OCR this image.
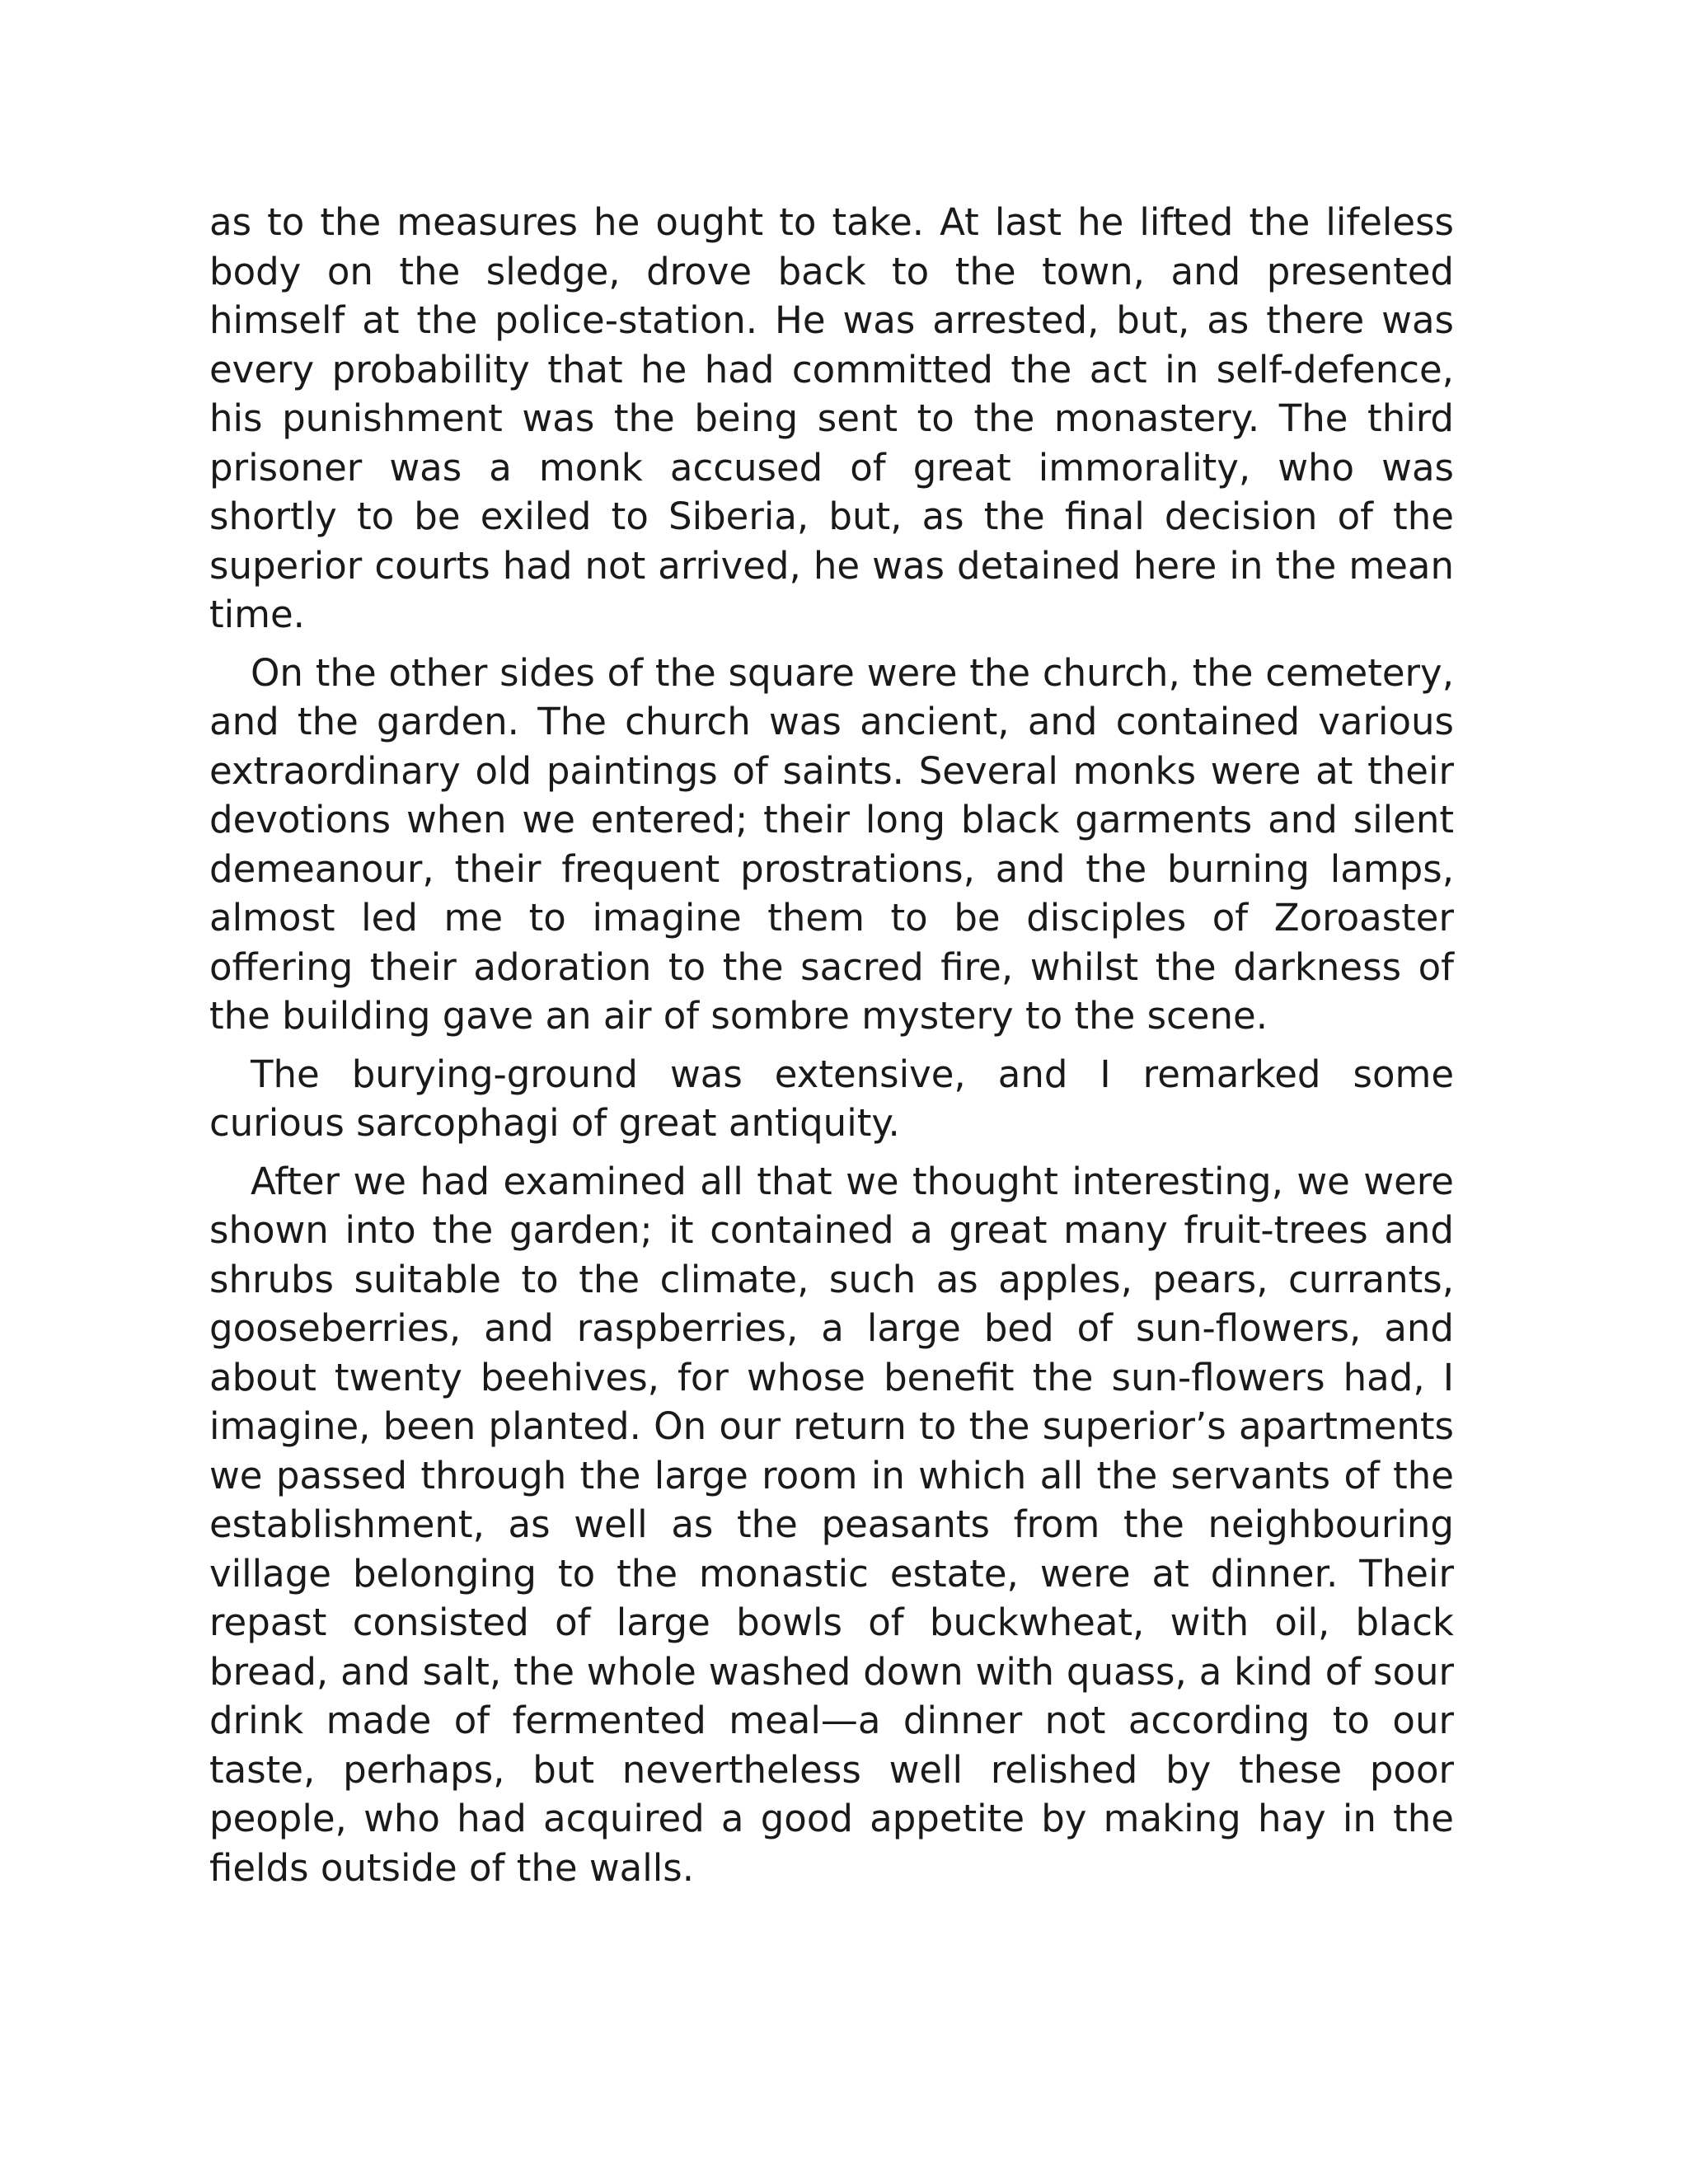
as to the measures he ought to take. At last he lifted the lifeless body on the sledge, drove back to the town, and presented himself at the police-station. He was arrested, but, as there was every probability that he had committed the act in self-defence, his punishment was the being sent to the monastery. The third prisoner was a monk accused of great immorality, who was shortly to be exiled to Siberia, but, as the final decision of the superior courts had not arrived, he was detained here in the mean time.

On the other sides of the square were the church, the cemetery, and the garden. The church was ancient, and contained various extraordinary old paintings of saints. Several monks were at their devotions when we entered; their long black garments and silent demeanour, their frequent prostrations, and the burning lamps, almost led me to imagine them to be disciples of Zoroaster offering their adoration to the sacred fire, whilst the darkness of the building gave an air of sombre mystery to the scene.

The burying-ground was extensive, and I remarked some curious sarcophagi of great antiquity.

After we had examined all that we thought interesting, we were shown into the garden; it contained a great many fruit-trees and shrubs suitable to the climate, such as apples, pears, currants, gooseberries, and raspberries, a large bed of sun-flowers, and about twenty beehives, for whose benefit the sun-flowers had, I imagine, been planted. On our return to the superior’s apartments we passed through the large room in which all the servants of the establishment, as well as the peasants from the neighbouring village belonging to the monastic estate, were at dinner. Their repast consisted of large bowls of buckwheat, with oil, black bread, and salt, the whole washed down with quass, a kind of sour drink made of fermented meal—a dinner not according to our taste, perhaps, but nevertheless well relished by these poor people, who had acquired a good appetite by making hay in the fields outside of the walls.
